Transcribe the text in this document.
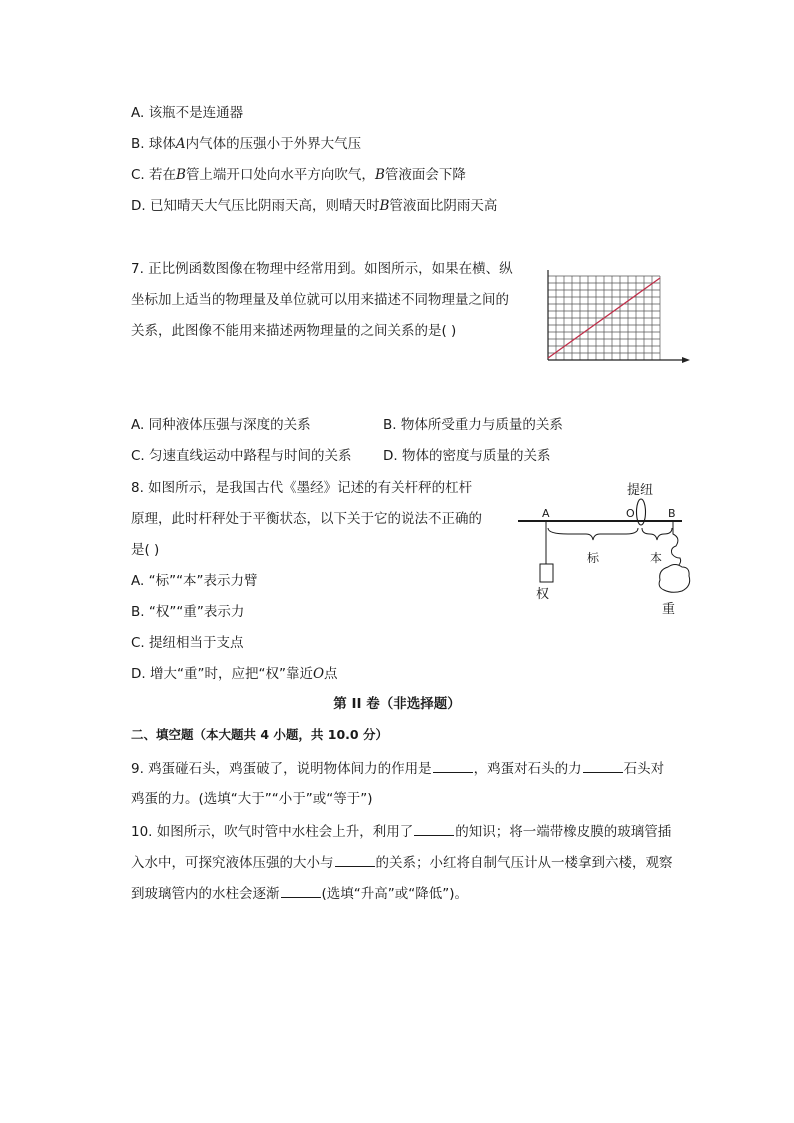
A. 该瓶不是连通器
B. 球体A内气体的压强小于外界大气压
C. 若在B管上端开口处向水平方向吹气，B管液面会下降
D. 已知晴天大气压比阴雨天高，则晴天时B管液面比阴雨天高
7. 正比例函数图像在物理中经常用到。如图所示，如果在横、纵
坐标加上适当的物理量及单位就可以用来描述不同物理量之间的
关系，此图像不能用来描述两物理量的之间关系的是( )
A. 同种液体压强与深度的关系	B. 物体所受重力与质量的关系
C. 匀速直线运动中路程与时间的关系 D. 物体的密度与质量的关系
8. 如图所示，是我国古代《墨经》记述的有关杆秤的杠杆
原理，此时杆秤处于平衡状态，以下关于它的说法不正确的
是( )
A. “标”“本”表示力臂
B. “权”“重”表示力
C. 提纽相当于支点
D. 增大“重”时，应把“权”靠近O点
提纽
A	O	B
权
标	本
重
第 II 卷（非选择题）
二、填空题（本大题共 4 小题，共 10.0 分）
9. 鸡蛋碰石头，鸡蛋破了，说明物体间力的作用是	，鸡蛋对石头的力	石头对
鸡蛋的力。(选填“大于”“小于”或“等于”)
10. 如图所示，吹气时管中水柱会上升，利用了	的知识；将一端带橡皮膜的玻璃管插
入水中，可探究液体压强的大小与	的关系；小红将自制气压计从一楼拿到六楼，观察
到玻璃管内的水柱会逐渐	(选填“升高”或“降低”)。
